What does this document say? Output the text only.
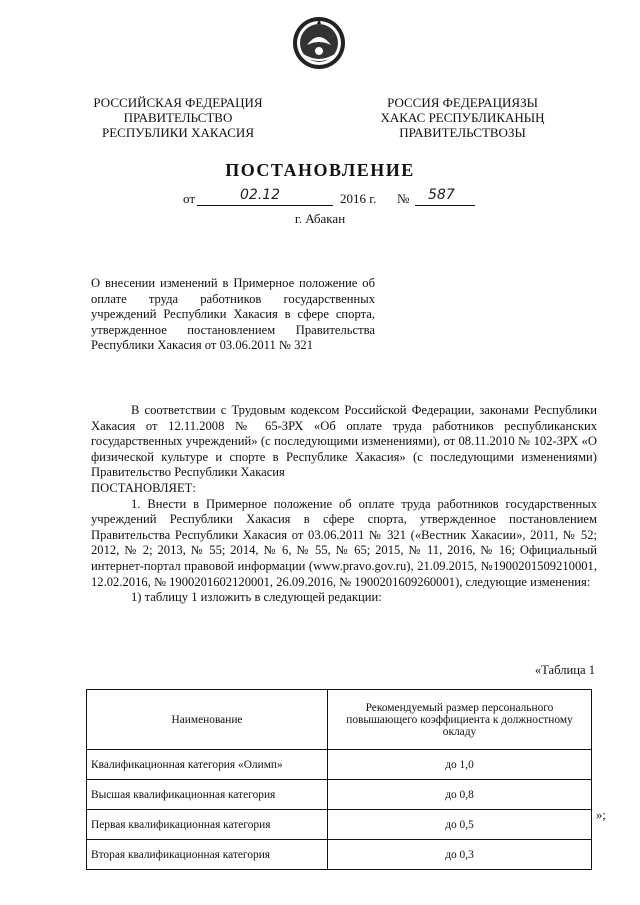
РОССИЙСКАЯ ФЕДЕРАЦИЯ
ПРАВИТЕЛЬСТВО
РЕСПУБЛИКИ ХАКАСИЯ
РОССИЯ ФЕДЕРАЦИЯЗЫ
ХАКАС РЕСПУБЛИКАНЫҢ
ПРАВИТЕЛЬСТВОЗЫ
ПОСТАНОВЛЕНИЕ
от	02.12	2016 г. № 587
г. Абакан
О внесении изменений в Примерное положение об оплате труда работников государственных учреждений Республики Хакасия в сфере спорта, утвержденное постановлением Правительства Республики Хакасия от 03.06.2011 № 321

В соответствии с Трудовым кодексом Российской Федерации, законами Республики Хакасия от 12.11.2008 № 65-ЗРХ «Об оплате труда работников республиканских государственных учреждений» (с последующими изменениями), от 08.11.2010 № 102-ЗРХ «О физической культуре и спорте в Республике Хакасия» (с последующими изменениями) Правительство Республики Хакасия

ПОСТАНОВЛЯЕТ:

1. Внести в Примерное положение об оплате труда работников государственных учреждений Республики Хакасия в сфере спорта, утвержденное постановлением Правительства Республики Хакасия от 03.06.2011 № 321 («Вестник Хакасии», 2011, № 52; 2012, № 2; 2013, № 55; 2014, № 6, № 55, № 65; 2015, № 11, 2016, № 16; Официальный интернет-портал правовой информации (www.pravo.gov.ru), 21.09.2015, №1900201509210001, 12.02.2016, № 1900201602120001, 26.09.2016, № 1900201609260001), следующие изменения:

1) таблицу 1 изложить в следующей редакции:

«Таблица 1
Наименование	Рекомендуемый размер персонального повышающего коэффициента к должностному окладу
Квалификационная категория «Олимп»	до 1,0
Высшая квалификационная категория	до 0,8
Первая квалификационная категория	до 0,5
Вторая квалификационная категория	до 0,3
»;
